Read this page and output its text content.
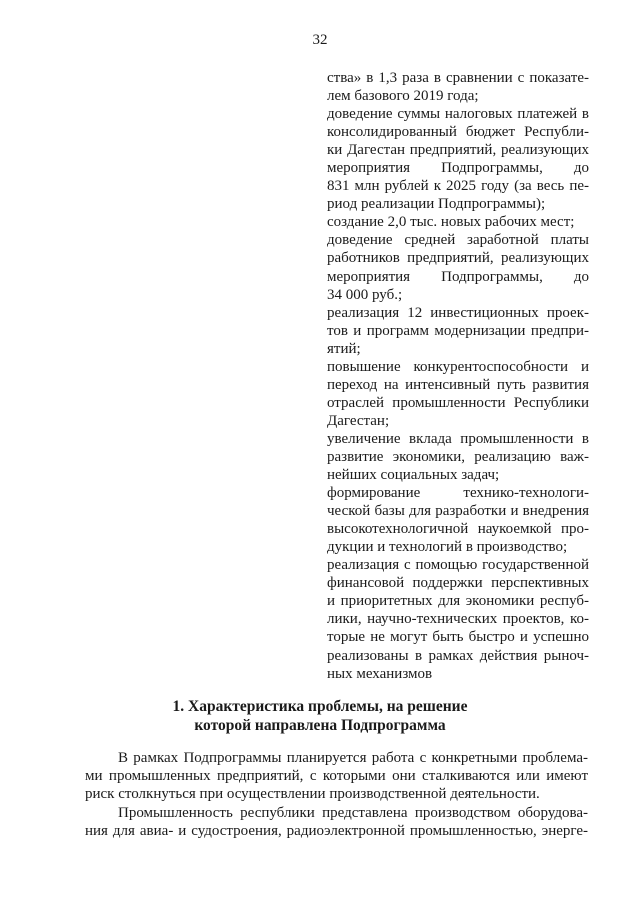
32
ства» в 1,3 раза в сравнении с показате-
лем базового 2019 года;
доведение суммы налоговых платежей в
консолидированный бюджет Республи-
ки Дагестан предприятий, реализующих
мероприятия Подпрограммы, до
831 млн рублей к 2025 году (за весь пе-
риод реализации Подпрограммы);
создание 2,0 тыс. новых рабочих мест;
доведение средней заработной платы
работников предприятий, реализующих
мероприятия Подпрограммы, до
34 000 руб.;
реализация 12 инвестиционных проек-
тов и программ модернизации предпри-
ятий;
повышение конкурентоспособности и
переход на интенсивный путь развития
отраслей промышленности Республики
Дагестан;
увеличение вклада промышленности в
развитие экономики, реализацию важ-
нейших социальных задач;
формирование технико-технологи-
ческой базы для разработки и внедрения
высокотехнологичной наукоемкой про-
дукции и технологий в производство;
реализация с помощью государственной
финансовой поддержки перспективных
и приоритетных для экономики респуб-
лики, научно-технических проектов, ко-
торые не могут быть быстро и успешно
реализованы в рамках действия рыноч-
ных механизмов
1. Характеристика проблемы, на решение
которой направлена Подпрограмма
В рамках Подпрограммы планируется работа с конкретными проблема-
ми промышленных предприятий, с которыми они сталкиваются или имеют
риск столкнуться при осуществлении производственной деятельности.
Промышленность республики представлена производством оборудова-
ния для авиа- и судостроения, радиоэлектронной промышленностью, энерге-
